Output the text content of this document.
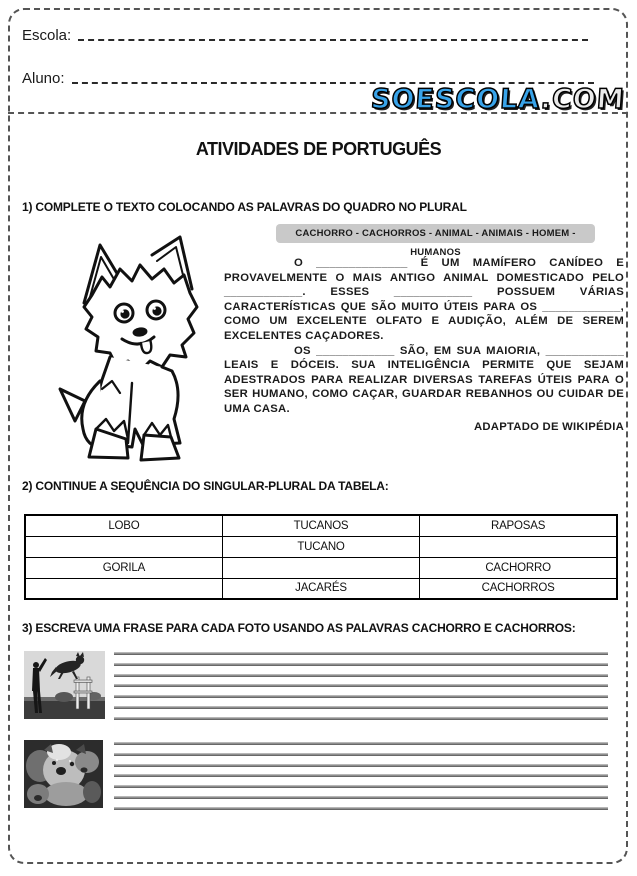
Escola:
Aluno:
SOESCOLA.COM
ATIVIDADES DE PORTUGUÊS
1) COMPLETE O TEXTO COLOCANDO AS PALAVRAS DO QUADRO NO PLURAL
CACHORRO - CACHORROS - ANIMAL - ANIMAIS - HOMEM - HUMANOS

O ______________ É UM MAMÍFERO CANÍDEO E PROVAVELMENTE O MAIS ANTIGO ANIMAL DOMESTICADO PELO ____________. ESSES ____________ POSSUEM VÁRIAS CARACTERÍSTICAS QUE SÃO MUITO ÚTEIS PARA OS ____________, COMO UM EXCELENTE OLFATO E AUDIÇÃO, ALÉM DE SEREM EXCELENTES CAÇADORES.

OS ____________ SÃO, EM SUA MAIORIA, ____________ LEAIS E DÓCEIS. SUA INTELIGÊNCIA PERMITE QUE SEJAM ADESTRADOS PARA REALIZAR DIVERSAS TAREFAS ÚTEIS PARA O SER HUMANO, COMO CAÇAR, GUARDAR REBANHOS OU CUIDAR DE UMA CASA.

ADAPTADO DE WIKIPÉDIA

2) CONTINUE A SEQUÊNCIA DO SINGULAR-PLURAL DA TABELA:
LOBO	TUCANOS	RAPOSAS
	TUCANO	
GORILA		CACHORRO
	JACARÉS	CACHORROS
3) ESCREVA UMA FRASE PARA CADA FOTO USANDO AS PALAVRAS CACHORRO E CACHORROS:
